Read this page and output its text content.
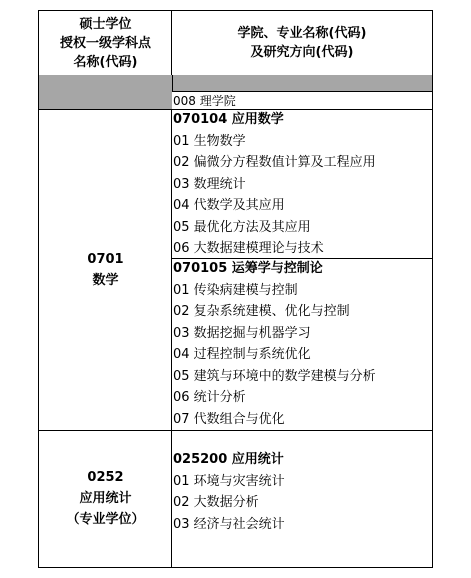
硕士学位
授权一级学科点
名称(代码)
学院、专业名称(代码)
及研究方向(代码)
008 理学院
0701
数学
070104 应用数学
01 生物数学
02 偏微分方程数值计算及工程应用
03 数理统计
04 代数学及其应用
05 最优化方法及其应用
06 大数据建模理论与技术
070105 运筹学与控制论
01 传染病建模与控制
02 复杂系统建模、优化与控制
03 数据挖掘与机器学习
04 过程控制与系统优化
05 建筑与环境中的数学建模与分析
06 统计分析
07 代数组合与优化
0252
应用统计
（专业学位）
025200 应用统计
01 环境与灾害统计
02 大数据分析
03 经济与社会统计
